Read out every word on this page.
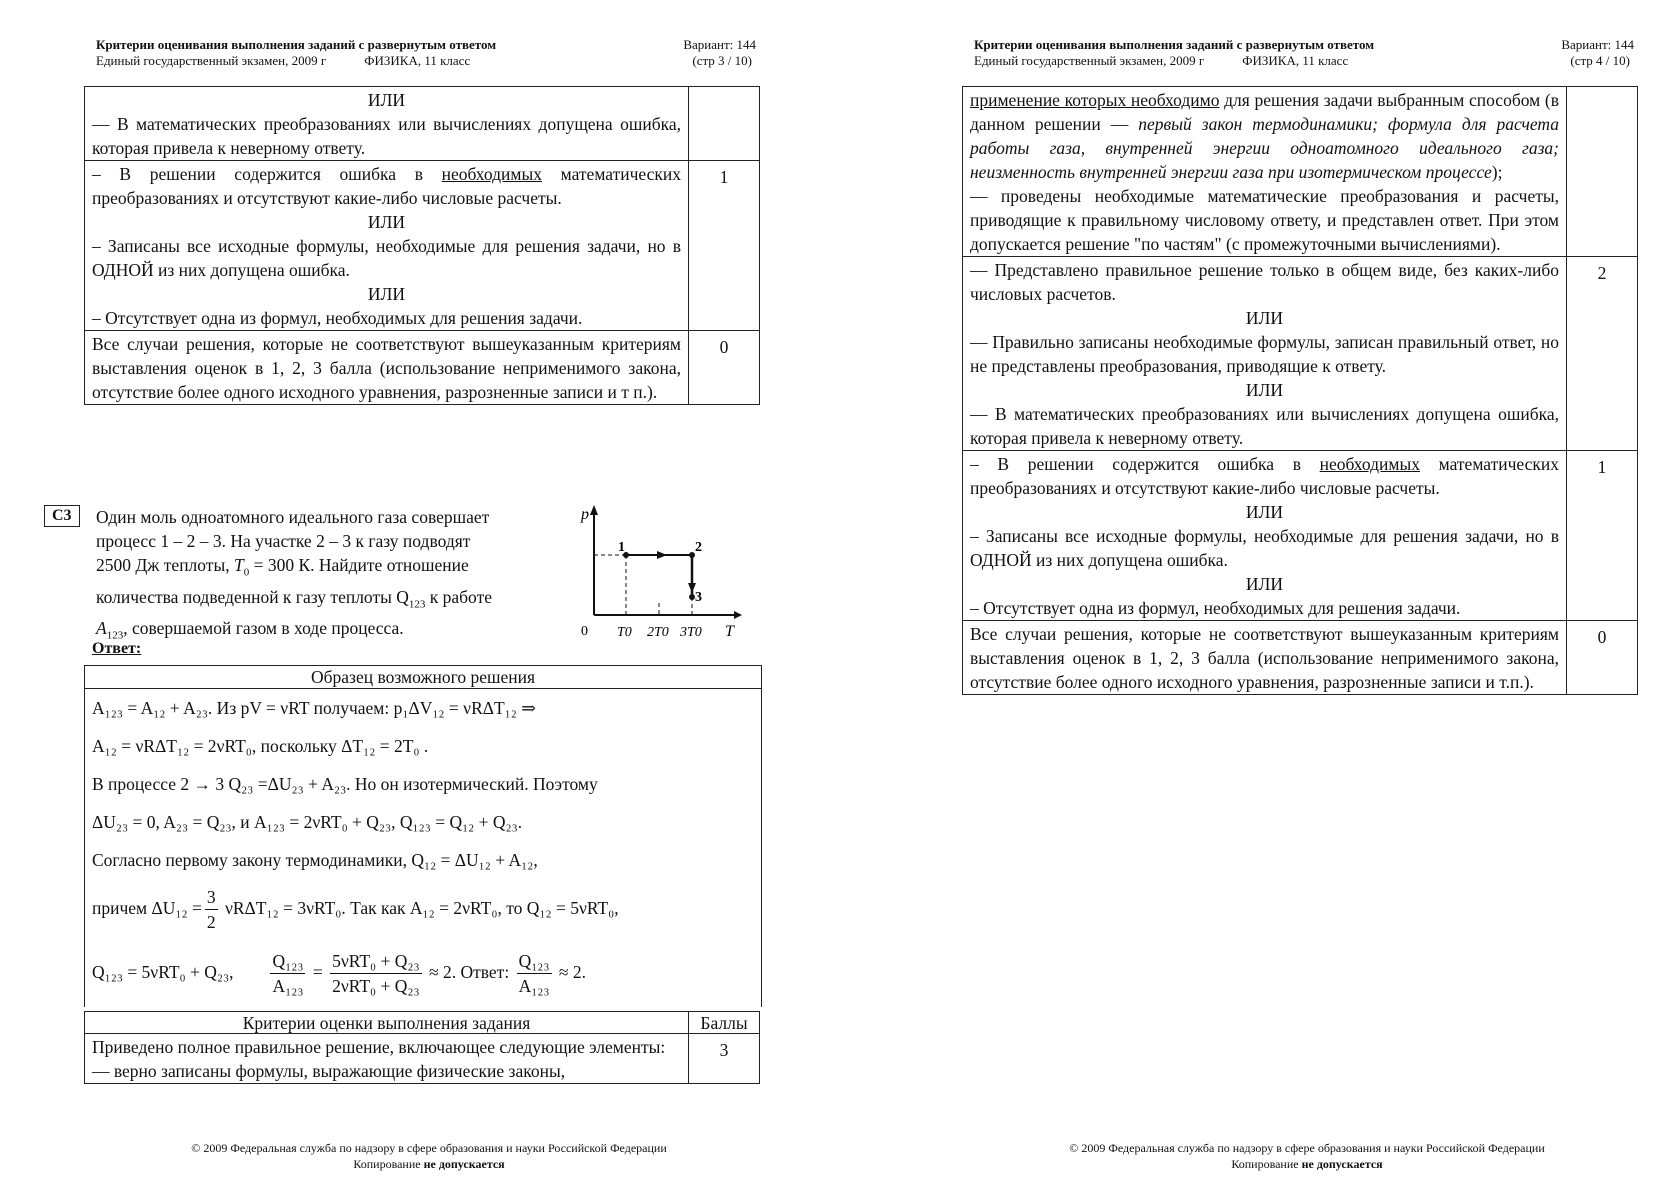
Критерии оценивания выполнения заданий с развернутым ответом
Единый государственный экзамен, 2009 г	ФИЗИКА, 11 класс
Вариант: 144
(стр 3 / 10)
ИЛИ
— В математических преобразованиях или вычислениях допущена ошибка, которая привела к неверному ответу.	

– В решении содержится ошибка в необходимых математических преобразованиях и отсутствуют какие-либо числовые расчеты.
ИЛИ
– Записаны все исходные формулы, необходимые для решения задачи, но в ОДНОЙ из них допущена ошибка.
ИЛИ
– Отсутствует одна из формул, необходимых для решения задачи.	1

Все случаи решения, которые не соответствуют вышеуказанным критериям выставления оценок в 1, 2, 3 балла (использование неприменимого закона, отсутствие более одного исходного уравнения, разрозненные записи и т п.).	0
С3	Один моль одноатомного идеального газа совершает
процесс 1 – 2 – 3. На участке 2 – 3 к газу подводят
2500 Дж теплоты, $T_0 = 300$ К. Найдите отношение
количества подведенной к газу теплоты $Q_{123}$ к работе
$A_{123}$, совершаемой газом в ходе процесса.
p
1	2
3
0 T0 2T0 3T0 T
Ответ:
Образец возможного решения
A₁₂₃ = A₁₂ + A₂₃. Из pV = νRT получаем: p₁ΔV₁₂ = νRΔT₁₂ ⇒
A₁₂ = νRΔT₁₂ = 2νRT₀, поскольку ΔT₁₂ = 2T₀ .
В процессе 2 → 3 Q₂₃ =ΔU₂₃ + A₂₃. Но он изотермический. Поэтому
ΔU₂₃ = 0, A₂₃ = Q₂₃, и A₁₂₃ = 2νRT₀ + Q₂₃, Q₁₂₃ = Q₁₂ + Q₂₃.
Согласно первому закону термодинамики, Q₁₂ = ΔU₁₂ + A₁₂,
причем $\Delta U_{12} = \frac{3}{2} \nu R\Delta T_{12} = 3\nu RT_0$. Так как A₁₂ = 2νRT₀, то Q₁₂ = 5νRT₀,
Q₁₂₃ = 5νRT₀ + Q₂₃, $\frac{\text{Q₁₂₃}}{\text{A₁₂₃}} = \frac{\text{5νRT₀ + Q₂₃}}{\text{2νRT₀ + Q₂₃}} \approx 2$. Ответ: $\frac{\text{Q₁₂₃}}{\text{A₁₂₃}} \approx 2$.
Критерии оценки выполнения задания	Баллы

Приведено полное правильное решение, включающее следующие элементы:
— верно записаны формулы, выражающие физические законы,	3
© 2009 Федеральная служба по надзору в сфере образования и науки Российской Федерации
Копирование не допускается
Критерии оценивания выполнения заданий с развернутым ответом
Единый государственный экзамен, 2009 г	ФИЗИКА, 11 класс
Вариант: 144
(стр 4 / 10)
применение которых необходимо для решения задачи выбранным способом (в данном решении — первый закон термодинамики; формула для расчета работы газа, внутренней энергии одноатомного идеального газа; неизменность внутренней энергии газа при изотермическом процессе);
— проведены необходимые математические преобразования и расчеты, приводящие к правильному числовому ответу, и представлен ответ. При этом допускается решение "по частям" (с промежуточными вычислениями).	

— Представлено правильное решение только в общем виде, без каких-либо числовых расчетов.
ИЛИ
— Правильно записаны необходимые формулы, записан правильный ответ, но не представлены преобразования, приводящие к ответу.
ИЛИ
— В математических преобразованиях или вычислениях допущена ошибка, которая привела к неверному ответу.	2

– В решении содержится ошибка в необходимых математических преобразованиях и отсутствуют какие-либо числовые расчеты.
ИЛИ
– Записаны все исходные формулы, необходимые для решения задачи, но в ОДНОЙ из них допущена ошибка.
ИЛИ
– Отсутствует одна из формул, необходимых для решения задачи.	1

Все случаи решения, которые не соответствуют вышеуказанным критериям выставления оценок в 1, 2, 3 балла (использование неприменимого закона, отсутствие более одного исходного уравнения, разрозненные записи и т.п.).	0
© 2009 Федеральная служба по надзору в сфере образования и науки Российской Федерации
Копирование не допускается
